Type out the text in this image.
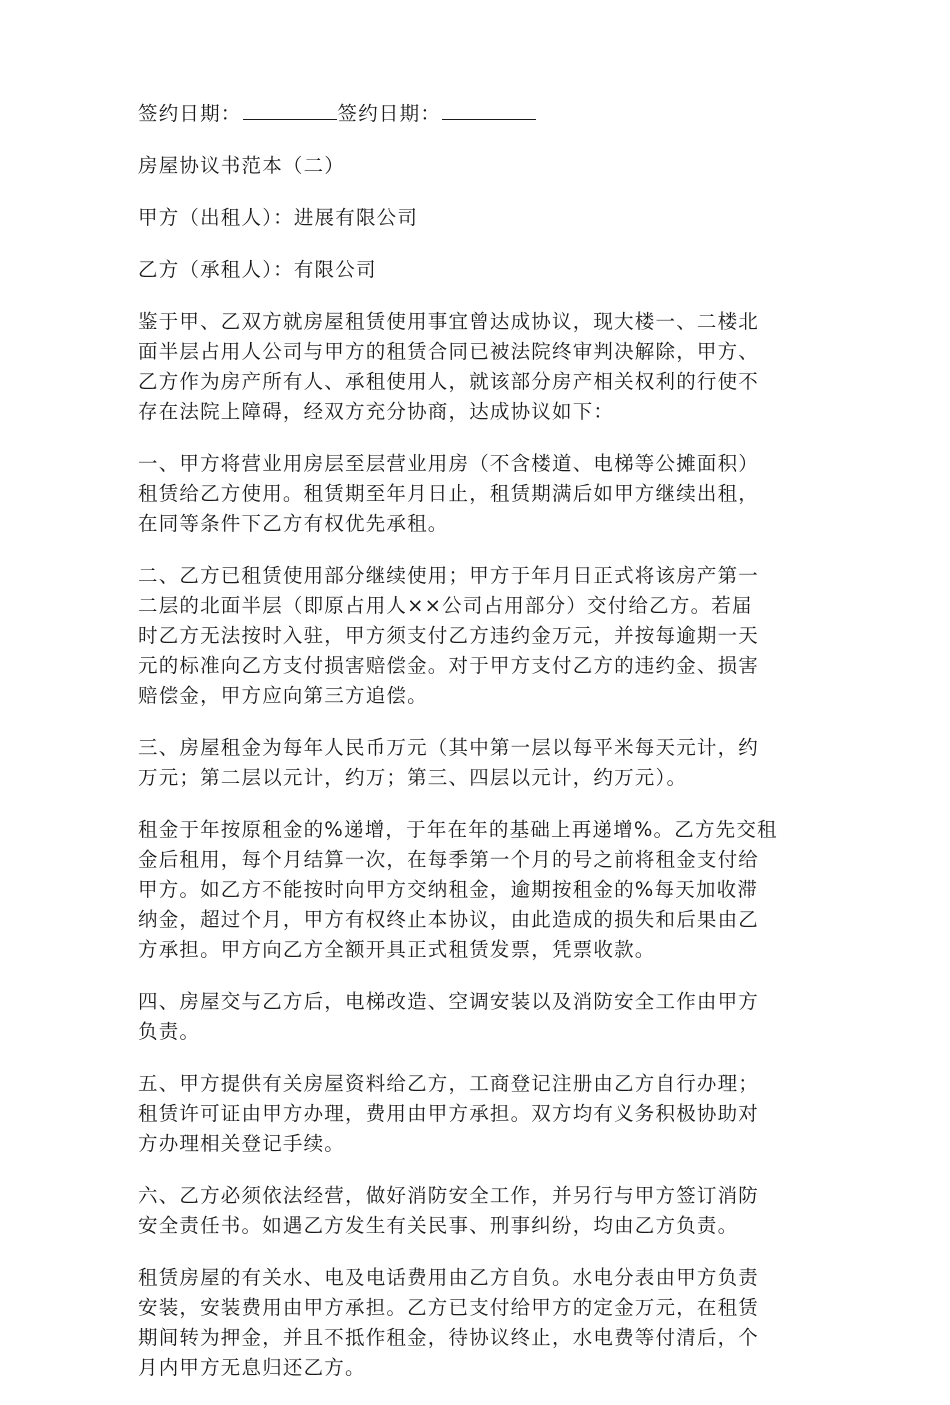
签约日期：	签约日期：

房屋协议书范本（二）

甲方（出租人）：进展有限公司

乙方（承租人）：有限公司

鉴于甲、乙双方就房屋租赁使用事宜曾达成协议，现大楼一、二楼北
面半层占用人公司与甲方的租赁合同已被法院终审判决解除，甲方、
乙方作为房产所有人、承租使用人，就该部分房产相关权利的行使不
存在法院上障碍，经双方充分协商，达成协议如下：

一、甲方将营业用房层至层营业用房（不含楼道、电梯等公摊面积）
租赁给乙方使用。租赁期至年月日止，租赁期满后如甲方继续出租，
在同等条件下乙方有权优先承租。

二、乙方已租赁使用部分继续使用；甲方于年月日正式将该房产第一
二层的北面半层（即原占用人××公司占用部分）交付给乙方。若届
时乙方无法按时入驻，甲方须支付乙方违约金万元，并按每逾期一天
元的标准向乙方支付损害赔偿金。对于甲方支付乙方的违约金、损害
赔偿金，甲方应向第三方追偿。

三、房屋租金为每年人民币万元（其中第一层以每平米每天元计，约
万元；第二层以元计，约万；第三、四层以元计，约万元）。

租金于年按原租金的%递增，于年在年的基础上再递增%。乙方先交租
金后租用，每个月结算一次，在每季第一个月的号之前将租金支付给
甲方。如乙方不能按时向甲方交纳租金，逾期按租金的%每天加收滞
纳金，超过个月，甲方有权终止本协议，由此造成的损失和后果由乙
方承担。甲方向乙方全额开具正式租赁发票，凭票收款。

四、房屋交与乙方后，电梯改造、空调安装以及消防安全工作由甲方
负责。

五、甲方提供有关房屋资料给乙方，工商登记注册由乙方自行办理；
租赁许可证由甲方办理，费用由甲方承担。双方均有义务积极协助对
方办理相关登记手续。

六、乙方必须依法经营，做好消防安全工作，并另行与甲方签订消防
安全责任书。如遇乙方发生有关民事、刑事纠纷，均由乙方负责。

租赁房屋的有关水、电及电话费用由乙方自负。水电分表由甲方负责
安装，安装费用由甲方承担。乙方已支付给甲方的定金万元，在租赁
期间转为押金，并且不抵作租金，待协议终止，水电费等付清后，个
月内甲方无息归还乙方。
